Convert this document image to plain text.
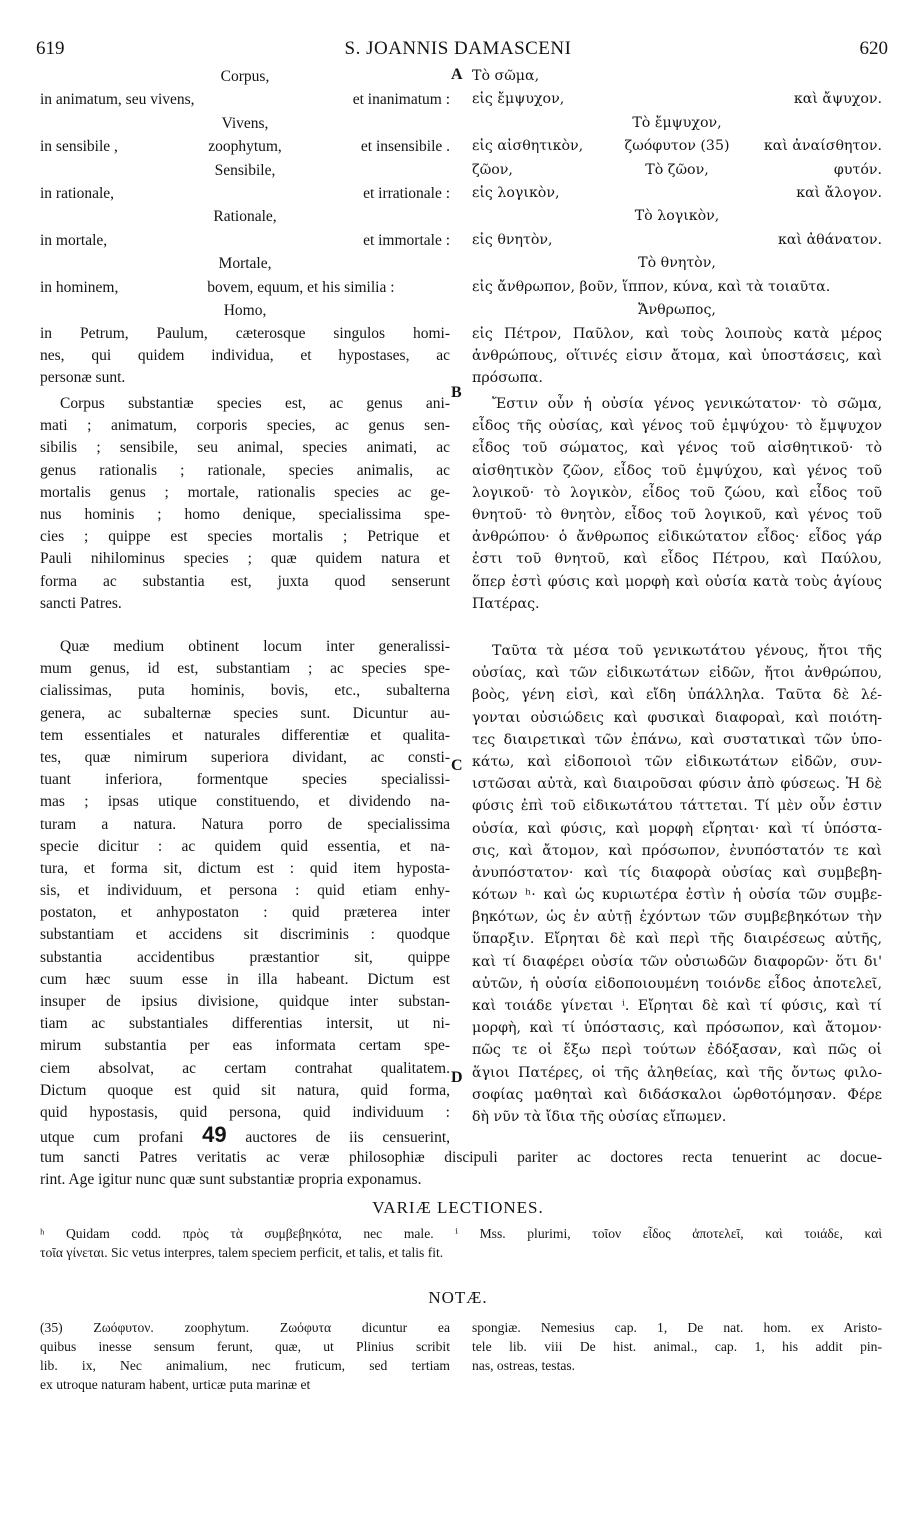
S. JOANNIS DAMASCENI
619	620
A
B
C
D
Corpus,	Τὸ σῶμα,
in animatum, seu vivens,	et inanimatum : εἰς ἔμψυχον,	καὶ ἄψυχον.
Vivens,	Τὸ ἔμψυχον,
in sensibile ,	zoophytum,	et insensibile . εἰς αἰσθητικὸν,	ζωόφυτον (35)	καὶ ἀναίσθητον.
Sensibile,	ζῶον,	Τὸ ζῶον,	φυτόν.
in rationale,	et irrationale : εἰς λογικὸν,	καὶ ἄλογον.
Rationale,	Τὸ λογικὸν,
in mortale,	et immortale : εἰς θνητὸν,	καὶ ἀθάνατον.
Mortale,	Τὸ θνητὸν,
in hominem,	bovem, equum, et his similia :	εἰς ἄνθρωπον, βοῦν, ἵππον, κύνα, καὶ τὰ τοιαῦτα.
Homo,	Ἄνθρωπος,
in Petrum, Paulum, cæterosque singulos homi-
nes, qui quidem individua, et hypostases, ac
personæ sunt.
εἰς Πέτρον, Παῦλον, καὶ τοὺς λοιποὺς κατὰ μέρος
ἀνθρώπους, οἵτινές εἰσιν ἄτομα, καὶ ὑποστάσεις, καὶ
πρόσωπα.
Corpus substantiæ species est, ac genus ani-
mati ; animatum, corporis species, ac genus sen-
sibilis ; sensibile, seu animal, species animati, ac
genus rationalis ; rationale, species animalis, ac
mortalis genus ; mortale, rationalis species ac ge-
nus hominis ; homo denique, specialissima spe-
cies ; quippe est species mortalis ; Petrique et
Pauli nihilominus species ; quæ quidem natura et
forma ac substantia est, juxta quod senserunt
sancti Patres.
Ἔστιν οὖν ἡ οὐσία γένος γενικώτατον· τὸ σῶμα,
εἶδος τῆς οὐσίας, καὶ γένος τοῦ ἐμψύχου· τὸ ἔμψυχον
εἶδος τοῦ σώματος, καὶ γένος τοῦ αἰσθητικοῦ· τὸ
αἰσθητικὸν ζῶον, εἶδος τοῦ ἐμψύχου, καὶ γένος τοῦ
λογικοῦ· τὸ λογικὸν, εἶδος τοῦ ζώου, καὶ εἶδος τοῦ
θνητοῦ· τὸ θνητὸν, εἶδος τοῦ λογικοῦ, καὶ γένος τοῦ
ἀνθρώπου· ὁ ἄνθρωπος εἰδικώτατον εἶδος· εἶδος γάρ
ἐστι τοῦ θνητοῦ, καὶ εἶδος Πέτρου, καὶ Παύλου,
ὅπερ ἐστὶ φύσις καὶ μορφὴ καὶ οὐσία κατὰ τοὺς ἁγίους
Πατέρας.
Quæ medium obtinent locum inter generalissi-
mum genus, id est, substantiam ; ac species spe-
cialissimas, puta hominis, bovis, etc., subalterna
genera, ac subalternæ species sunt. Dicuntur au-
tem essentiales et naturales differentiæ et qualita-
tes, quæ nimirum superiora dividant, ac consti-
tuant inferiora, formentque species specialissi-
mas ; ipsas utique constituendo, et dividendo na-
turam a natura. Natura porro de specialissima
specie dicitur : ac quidem quid essentia, et na-
tura, et forma sit, dictum est : quid item hyposta-
sis, et individuum, et persona : quid etiam enhy-
postaton, et anhypostaton : quid præterea inter
substantiam et accidens sit discriminis : quodque
substantia accidentibus præstantior sit, quippe
cum hæc suum esse in illa habeant. Dictum est
insuper de ipsius divisione, quidque inter substan-
tiam ac substantiales differentias intersit, ut ni-
mirum substantia per eas informata certam spe-
ciem absolvat, ac certam contrahat qualitatem.
Dictum quoque est quid sit natura, quid forma,
quid hypostasis, quid persona, quid individuum :
utque cum profani 49 auctores de iis censuerint,
Ταῦτα τὰ μέσα τοῦ γενικωτάτου γένους, ἤτοι τῆς
οὐσίας, καὶ τῶν εἰδικωτάτων εἰδῶν, ἤτοι ἀνθρώπου,
βοὸς, γένη εἰσὶ, καὶ εἴδη ὑπάλληλα. Ταῦτα δὲ λέ-
γονται οὐσιώδεις καὶ φυσικαὶ διαφοραὶ, καὶ ποιότη-
τες διαιρετικαὶ τῶν ἐπάνω, καὶ συστατικαὶ τῶν ὑπο-
κάτω, καὶ εἰδοποιοὶ τῶν εἰδικωτάτων εἰδῶν, συν-
ιστῶσαι αὐτὰ, καὶ διαιροῦσαι φύσιν ἀπὸ φύσεως. Ἡ δὲ
φύσις ἐπὶ τοῦ εἰδικωτάτου τάττεται. Τί μὲν οὖν ἐστιν
οὐσία, καὶ φύσις, καὶ μορφὴ εἴρηται· καὶ τί ὑπόστα-
σις, καὶ ἄτομον, καὶ πρόσωπον, ἐνυπόστατόν τε καὶ
ἀνυπόστατον· καὶ τίς διαφορὰ οὐσίας καὶ συμβεβη-
κότων ʰ· καὶ ὡς κυριωτέρα ἐστὶν ἡ οὐσία τῶν συμβε-
βηκότων, ὡς ἐν αὐτῇ ἐχόντων τῶν συμβεβηκότων τὴν
ὕπαρξιν. Εἴρηται δὲ καὶ περὶ τῆς διαιρέσεως αὐτῆς,
καὶ τί διαφέρει οὐσία τῶν οὐσιωδῶν διαφορῶν· ὅτι δι'
αὐτῶν, ἡ οὐσία εἰδοποιουμένη τοιόνδε εἶδος ἀποτελεῖ,
καὶ τοιάδε γίνεται ⁱ. Εἴρηται δὲ καὶ τί φύσις, καὶ τί
μορφὴ, καὶ τί ὑπόστασις, καὶ πρόσωπον, καὶ ἄτομον·
πῶς τε οἱ ἔξω περὶ τούτων ἐδόξασαν, καὶ πῶς οἱ
ἅγιοι Πατέρες, οἱ τῆς ἀληθείας, καὶ τῆς ὄντως φιλο-
σοφίας μαθηταὶ καὶ διδάσκαλοι ὡρθοτόμησαν. Φέρε
δὴ νῦν τὰ ἴδια τῆς οὐσίας εἴπωμεν.
tum sancti Patres veritatis ac veræ philosophiæ discipuli pariter ac doctores recta tenuerint ac docue-
rint. Age igitur nunc quæ sunt substantiæ propria exponamus.
VARIÆ LECTIONES.
ʰ Quidam codd. πρὸς τὰ συμβεβηκότα, nec male. ⁱ Mss. plurimi, τοῖον εἶδος ἀποτελεῖ, καὶ τοιάδε, καὶ
τοῖα γίνεται. Sic vetus interpres, talem speciem perficit, et talis, et talis fit.
NOTÆ.
(35) Ζωόφυτον. zoophytum. Ζωόφυτα dicuntur ea
quibus inesse sensum ferunt, quæ, ut Plinius scribit
lib. ix, Nec animalium, nec fruticum, sed tertiam
ex utroque naturam habent, urticæ puta marinæ et
spongiæ. Nemesius cap. 1, De nat. hom. ex Aristo-
tele lib. viii De hist. animal., cap. 1, his addit pin-
nas, ostreas, testas.
